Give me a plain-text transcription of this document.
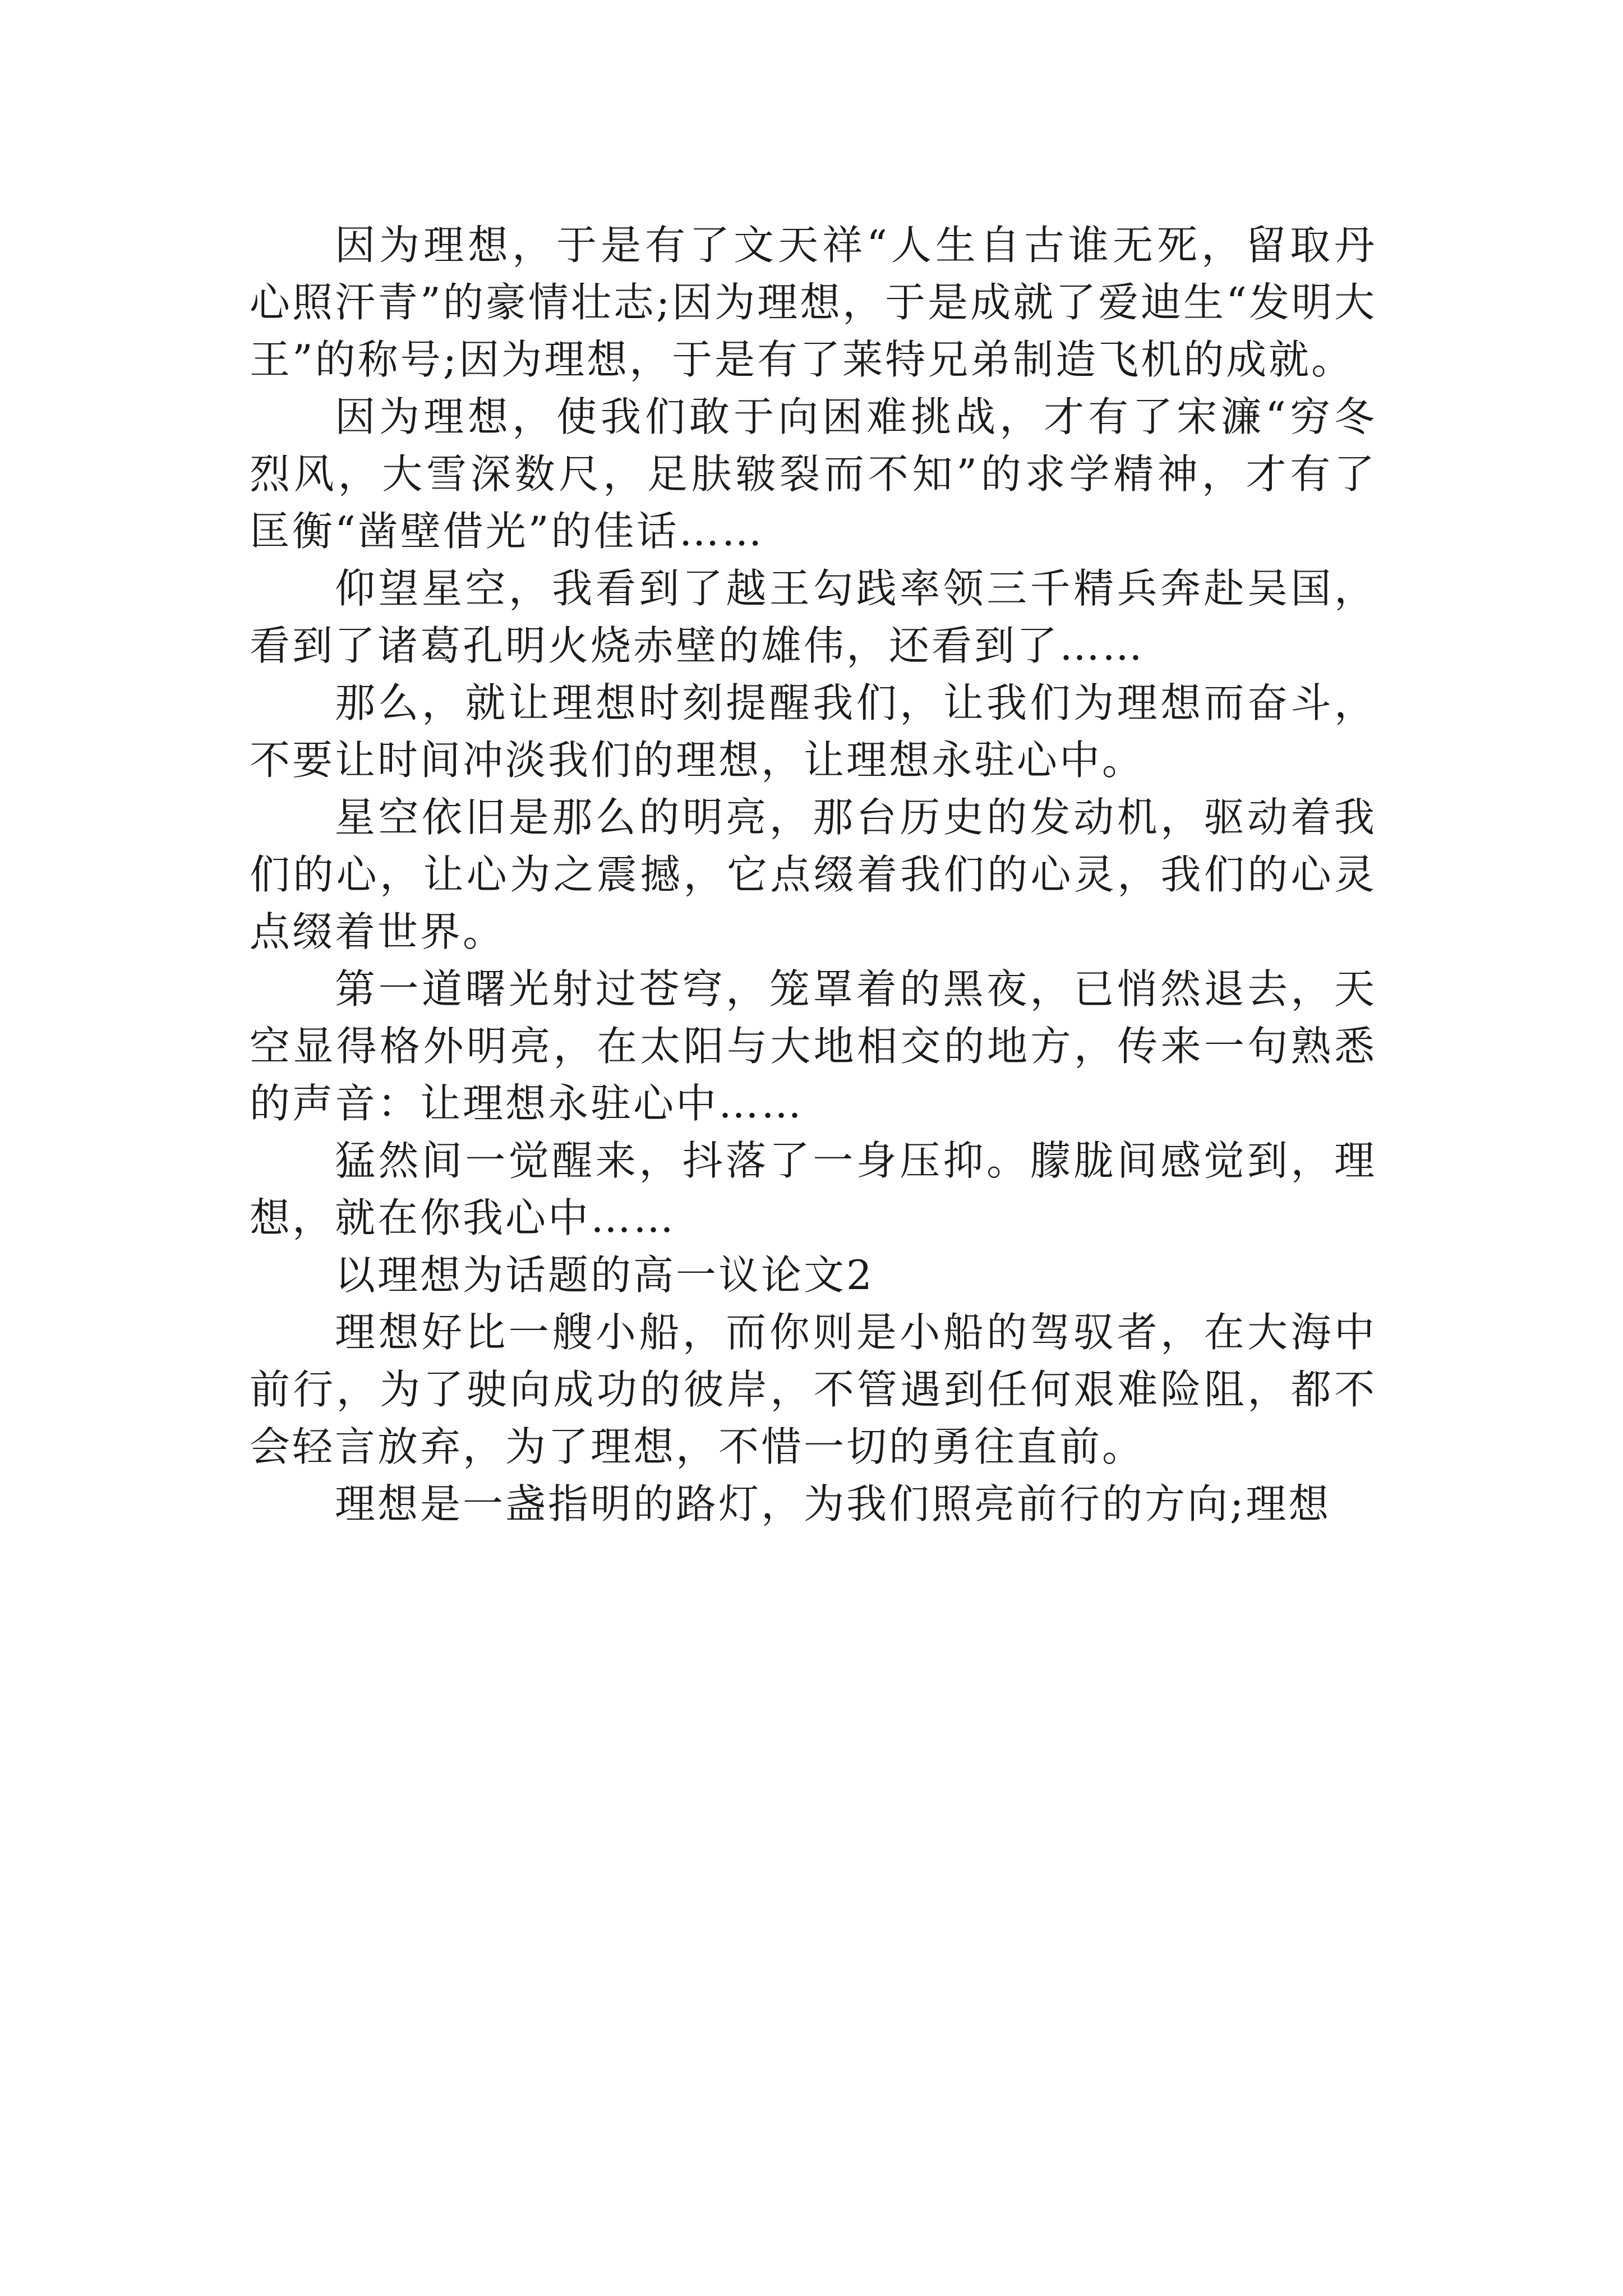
因为理想，于是有了文天祥“人生自古谁无死，留取丹心照汗青”的豪情壮志;因为理想，于是成就了爱迪生“发明大王”的称号;因为理想，于是有了莱特兄弟制造飞机的成就。

因为理想，使我们敢于向困难挑战，才有了宋濂“穷冬烈风，大雪深数尺，足肤皲裂而不知”的求学精神，才有了匡衡“凿壁借光”的佳话……

仰望星空，我看到了越王勾践率领三千精兵奔赴吴国，看到了诸葛孔明火烧赤壁的雄伟，还看到了……

那么，就让理想时刻提醒我们，让我们为理想而奋斗，不要让时间冲淡我们的理想，让理想永驻心中。

星空依旧是那么的明亮，那台历史的发动机，驱动着我们的心，让心为之震撼，它点缀着我们的心灵，我们的心灵点缀着世界。

第一道曙光射过苍穹，笼罩着的黑夜，已悄然退去，天空显得格外明亮，在太阳与大地相交的地方，传来一句熟悉的声音：让理想永驻心中……

猛然间一觉醒来，抖落了一身压抑。朦胧间感觉到，理想，就在你我心中……

以理想为话题的高一议论文2

理想好比一艘小船，而你则是小船的驾驭者，在大海中前行，为了驶向成功的彼岸，不管遇到任何艰难险阻，都不会轻言放弃，为了理想，不惜一切的勇往直前。

理想是一盏指明的路灯，为我们照亮前行的方向;理想
